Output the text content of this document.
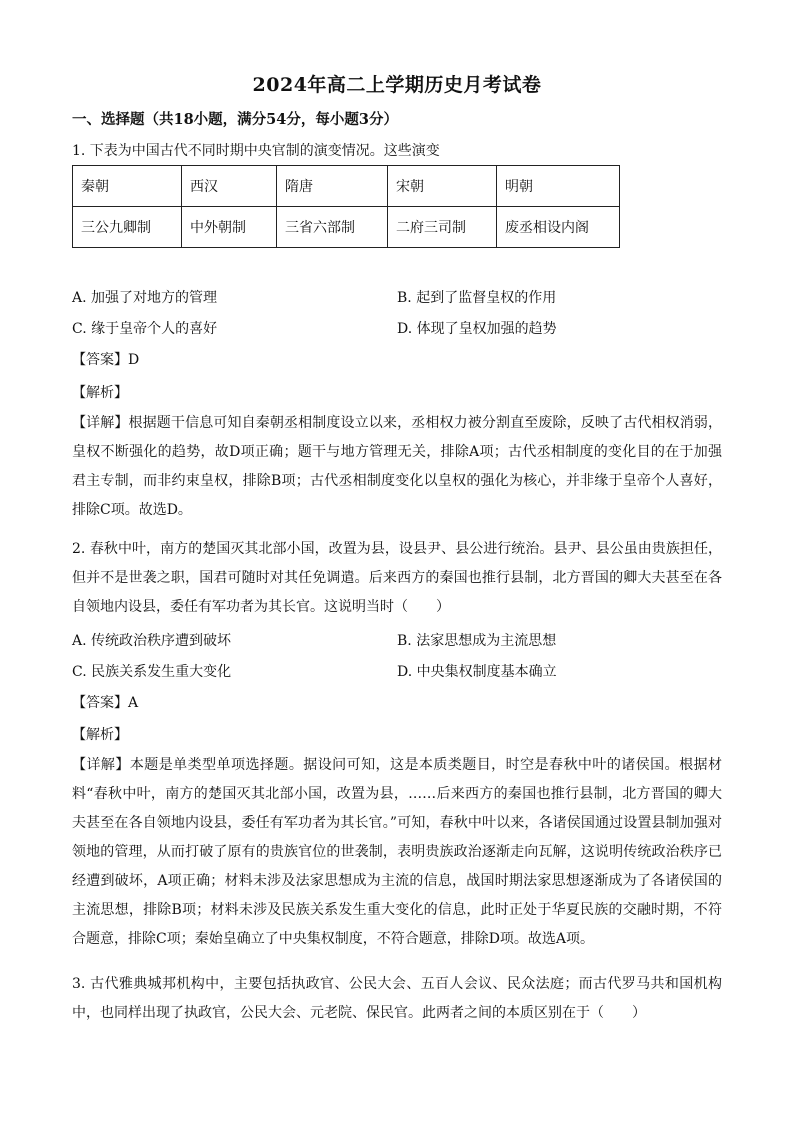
2024年高二上学期历史月考试卷
一、选择题（共18小题，满分54分，每小题3分）
1. 下表为中国古代不同时期中央官制的演变情况。这些演变
秦朝	西汉	隋唐	宋朝	明朝
三公九卿制	中外朝制	三省六部制	二府三司制	废丞相设内阁
A. 加强了对地方的管理	B. 起到了监督皇权的作用
C. 缘于皇帝个人的喜好	D. 体现了皇权加强的趋势
【答案】D
【解析】
【详解】根据题干信息可知自秦朝丞相制度设立以来，丞相权力被分割直至废除，反映了古代相权消弱，皇权不断强化的趋势，故D项正确；题干与地方管理无关，排除A项；古代丞相制度的变化目的在于加强君主专制，而非约束皇权，排除B项；古代丞相制度变化以皇权的强化为核心，并非缘于皇帝个人喜好，排除C项。故选D。
2. 春秋中叶，南方的楚国灭其北部小国，改置为县，设县尹、县公进行统治。县尹、县公虽由贵族担任，但并不是世袭之职，国君可随时对其任免调遣。后来西方的秦国也推行县制，北方晋国的卿大夫甚至在各自领地内设县，委任有军功者为其长官。这说明当时（　　）
A. 传统政治秩序遭到破坏	B. 法家思想成为主流思想
C. 民族关系发生重大变化	D. 中央集权制度基本确立
【答案】A
【解析】
【详解】本题是单类型单项选择题。据设问可知，这是本质类题目，时空是春秋中叶的诸侯国。根据材料“春秋中叶，南方的楚国灭其北部小国，改置为县，……后来西方的秦国也推行县制，北方晋国的卿大夫甚至在各自领地内设县，委任有军功者为其长官。”可知，春秋中叶以来，各诸侯国通过设置县制加强对领地的管理，从而打破了原有的贵族官位的世袭制，表明贵族政治逐渐走向瓦解，这说明传统政治秩序已经遭到破坏，A项正确；材料未涉及法家思想成为主流的信息，战国时期法家思想逐渐成为了各诸侯国的主流思想，排除B项；材料未涉及民族关系发生重大变化的信息，此时正处于华夏民族的交融时期，不符合题意，排除C项；秦始皇确立了中央集权制度，不符合题意，排除D项。故选A项。
3. 古代雅典城邦机构中，主要包括执政官、公民大会、五百人会议、民众法庭；而古代罗马共和国机构中，也同样出现了执政官，公民大会、元老院、保民官。此两者之间的本质区别在于（　　）
